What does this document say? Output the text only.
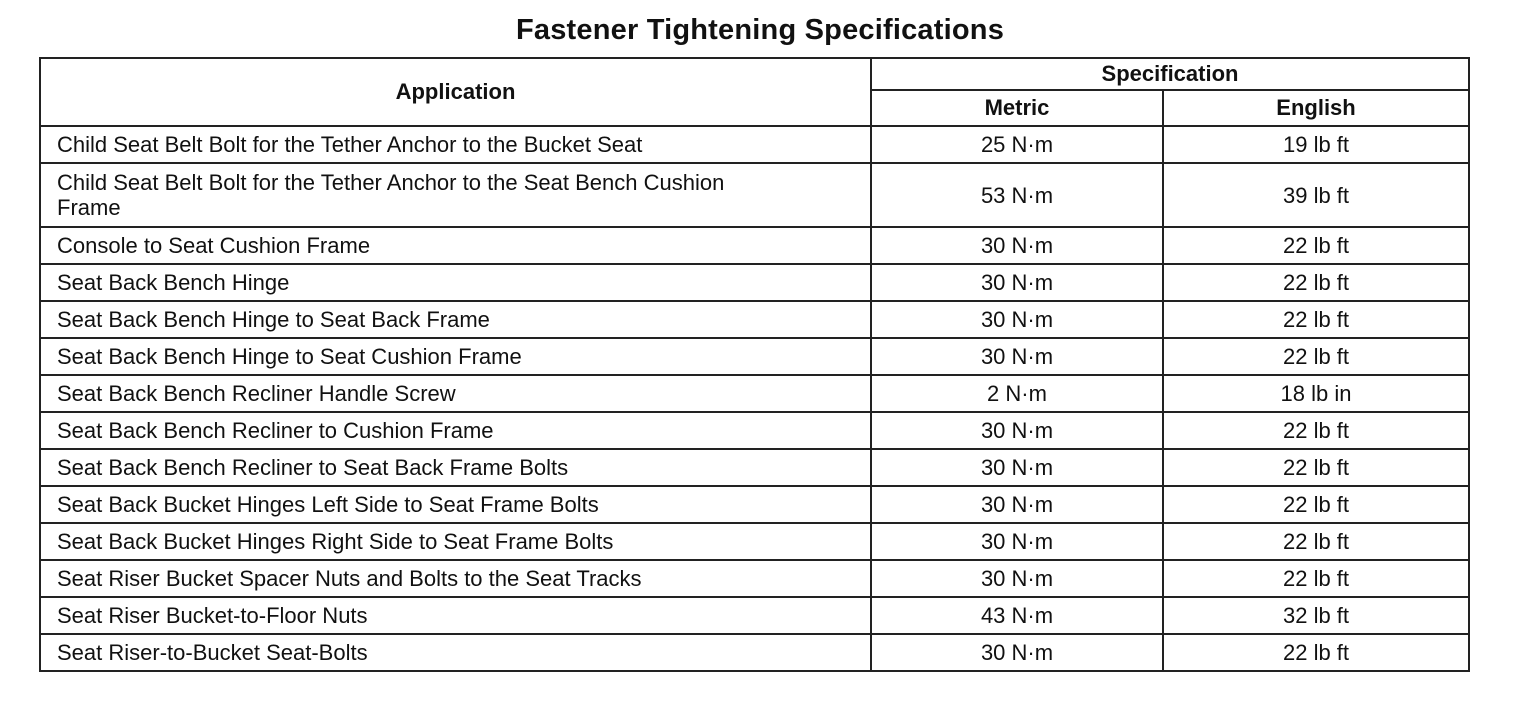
Fastener Tightening Specifications
Application	Specification	
	Metric	English
Child Seat Belt Bolt for the Tether Anchor to the Bucket Seat	25 N·m	19 lb ft
Child Seat Belt Bolt for the Tether Anchor to the Seat Bench Cushion Frame	53 N·m	39 lb ft
Console to Seat Cushion Frame	30 N·m	22 lb ft
Seat Back Bench Hinge	30 N·m	22 lb ft
Seat Back Bench Hinge to Seat Back Frame	30 N·m	22 lb ft
Seat Back Bench Hinge to Seat Cushion Frame	30 N·m	22 lb ft
Seat Back Bench Recliner Handle Screw	2 N·m	18 lb in
Seat Back Bench Recliner to Cushion Frame	30 N·m	22 lb ft
Seat Back Bench Recliner to Seat Back Frame Bolts	30 N·m	22 lb ft
Seat Back Bucket Hinges Left Side to Seat Frame Bolts	30 N·m	22 lb ft
Seat Back Bucket Hinges Right Side to Seat Frame Bolts	30 N·m	22 lb ft
Seat Riser Bucket Spacer Nuts and Bolts to the Seat Tracks	30 N·m	22 lb ft
Seat Riser Bucket-to-Floor Nuts	43 N·m	32 lb ft
Seat Riser-to-Bucket Seat-Bolts	30 N·m	22 lb ft
